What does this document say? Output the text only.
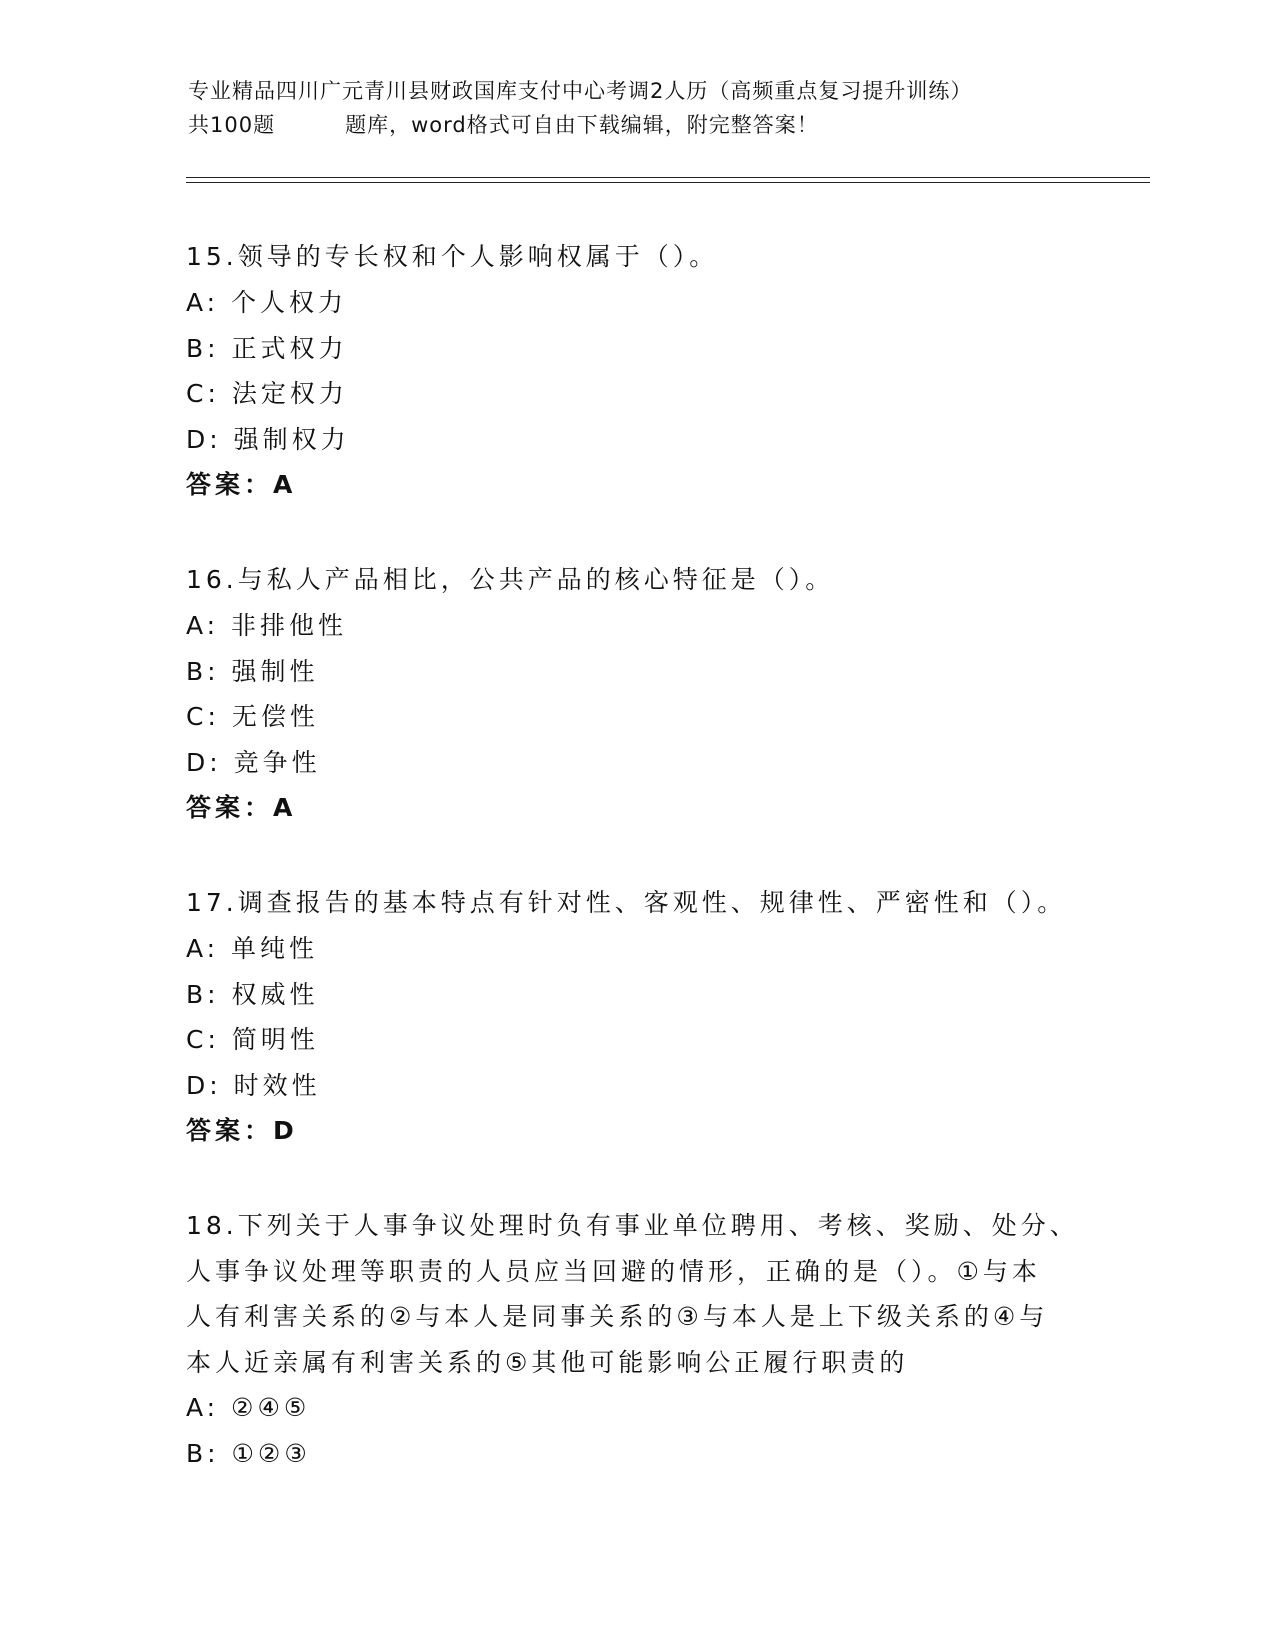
专业精品四川广元青川县财政国库支付中心考调2人历（高频重点复习提升训练）
共100题	题库，word格式可自由下载编辑，附完整答案！

15.领导的专长权和个人影响权属于（）。

A: 个人权力

B: 正式权力

C: 法定权力

D: 强制权力

答案：A

16.与私人产品相比，公共产品的核心特征是（）。

A: 非排他性

B: 强制性

C: 无偿性

D: 竞争性

答案：A

17.调查报告的基本特点有针对性、客观性、规律性、严密性和（）。

A: 单纯性

B: 权威性

C: 简明性

D: 时效性

答案：D

18.下列关于人事争议处理时负有事业单位聘用、考核、奖励、处分、

人事争议处理等职责的人员应当回避的情形，正确的是（）。①与本

人有利害关系的②与本人是同事关系的③与本人是上下级关系的④与

本人近亲属有利害关系的⑤其他可能影响公正履行职责的

A: ②④⑤

B: ①②③
